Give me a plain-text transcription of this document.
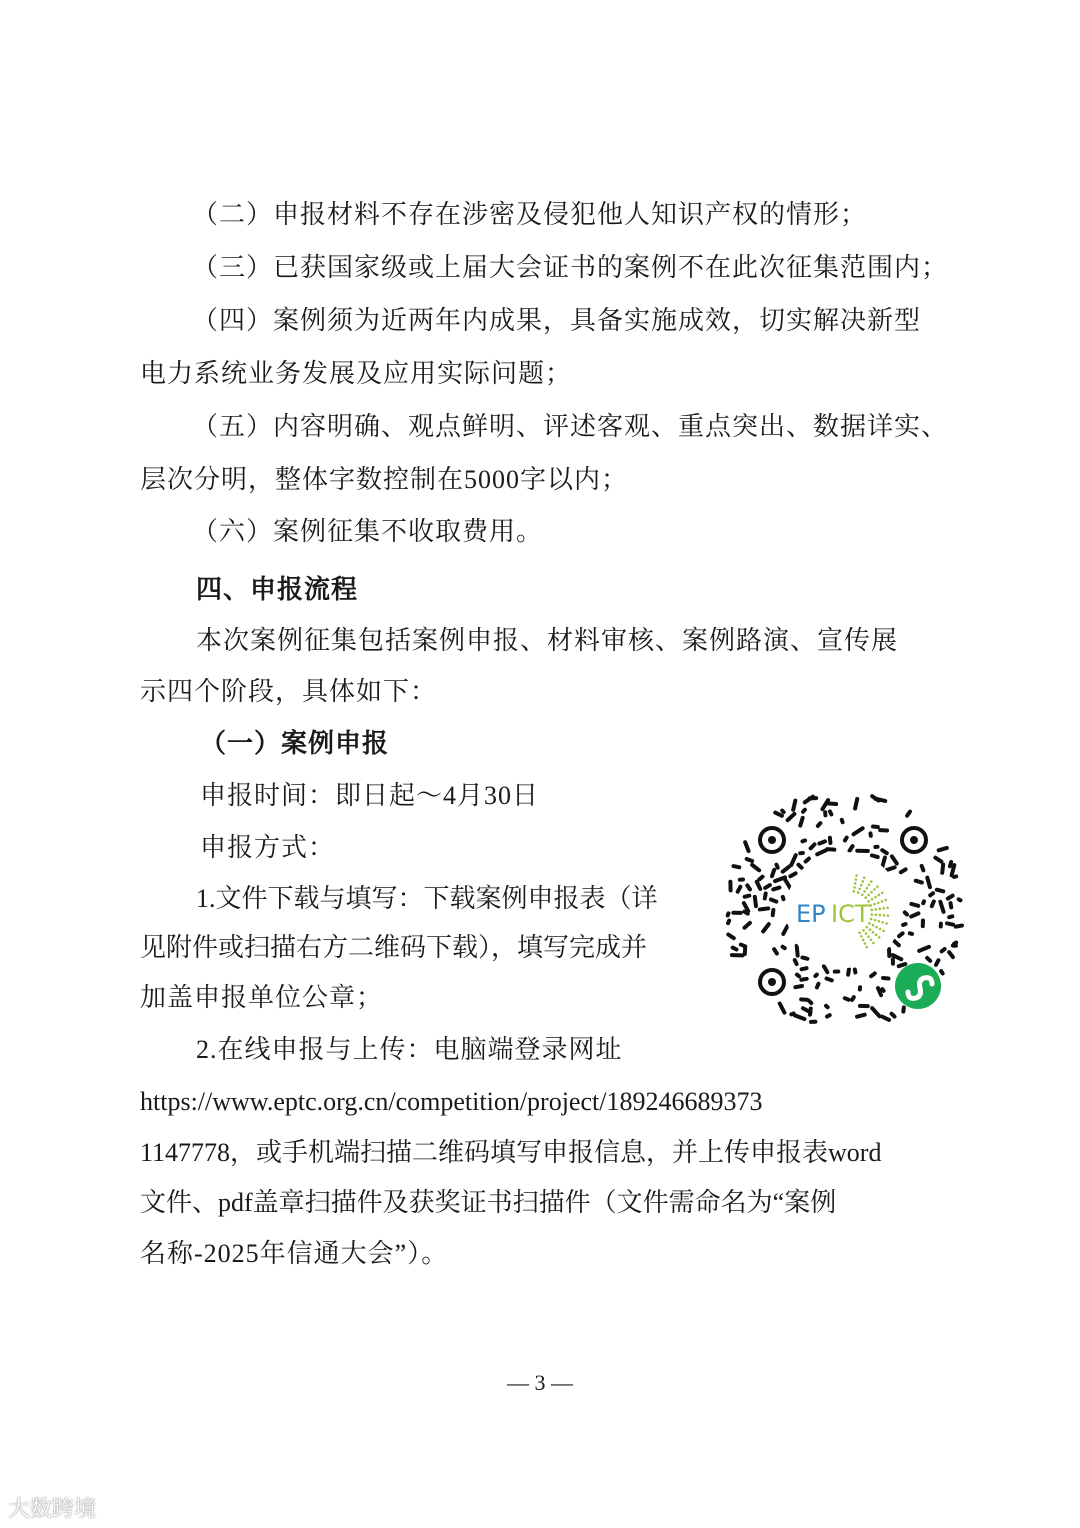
（二）申报材料不存在涉密及侵犯他人知识产权的情形；
（三）已获国家级或上届大会证书的案例不在此次征集范围内；
（四）案例须为近两年内成果，具备实施成效，切实解决新型
电力系统业务发展及应用实际问题；
（五）内容明确、观点鲜明、评述客观、重点突出、数据详实、
层次分明，整体字数控制在5000字以内；
（六）案例征集不收取费用。
四、申报流程
本次案例征集包括案例申报、材料审核、案例路演、宣传展
示四个阶段，具体如下：
（一）案例申报
申报时间：即日起～4月30日
申报方式：
1.文件下载与填写：下载案例申报表（详
见附件或扫描右方二维码下载），填写完成并
加盖申报单位公章；
2.在线申报与上传：电脑端登录网址
https://www.eptc.org.cn/competition/project/189246689373
1147778，或手机端扫描二维码填写申报信息，并上传申报表word
文件、pdf盖章扫描件及获奖证书扫描件（文件需命名为“案例
名称-2025年信通大会”）。
EP ICT
— 3 —
大数跨境
